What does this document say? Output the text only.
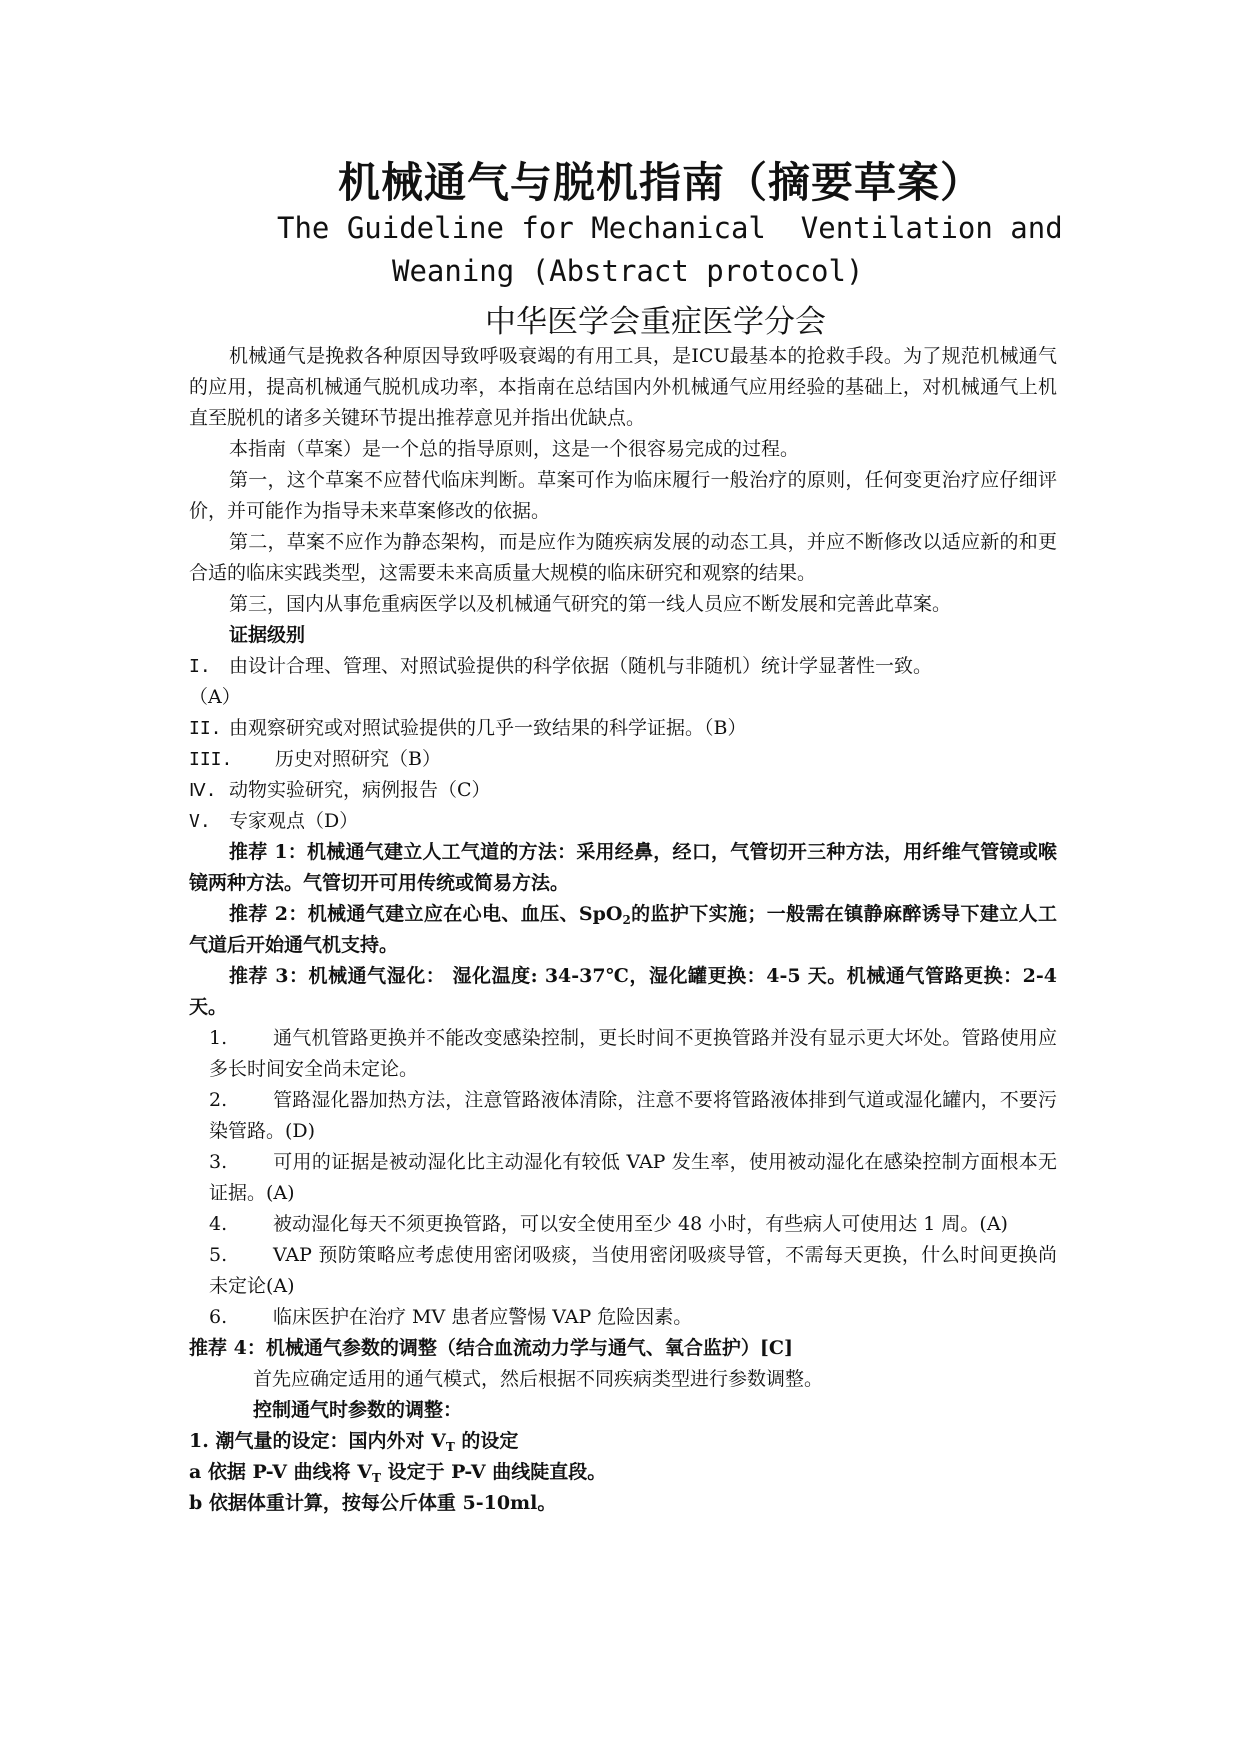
机械通气与脱机指南（摘要草案）
The Guideline for Mechanical  Ventilation and
Weaning (Abstract protocol)
中华医学会重症医学分会

机械通气是挽救各种原因导致呼吸衰竭的有用工具，是ICU最基本的抢救手段。为了规范机械通气的应用，提高机械通气脱机成功率，本指南在总结国内外机械通气应用经验的基础上，对机械通气上机直至脱机的诸多关键环节提出推荐意见并指出优缺点。

本指南（草案）是一个总的指导原则，这是一个很容易完成的过程。

第一，这个草案不应替代临床判断。草案可作为临床履行一般治疗的原则，任何变更治疗应仔细评价，并可能作为指导未来草案修改的依据。

第二，草案不应作为静态架构，而是应作为随疾病发展的动态工具，并应不断修改以适应新的和更合适的临床实践类型，这需要未来高质量大规模的临床研究和观察的结果。

第三，国内从事危重病医学以及机械通气研究的第一线人员应不断发展和完善此草案。

证据级别

I. 由设计合理、管理、对照试验提供的科学依据（随机与非随机）统计学显著性一致。

（A）

II. 由观察研究或对照试验提供的几乎一致结果的科学证据。（B）

III. 历史对照研究（B）

Ⅳ. 动物实验研究，病例报告（C）

V. 专家观点（D）

推荐 1：机械通气建立人工气道的方法：采用经鼻，经口，气管切开三种方法，用纤维气管镜或喉镜两种方法。气管切开可用传统或简易方法。

推荐 2：机械通气建立应在心电、血压、SpO$_2$的监护下实施；一般需在镇静麻醉诱导下建立人工气道后开始通气机支持。

推荐 3：机械通气湿化： 湿化温度: 34-37℃，湿化罐更换：4-5 天。机械通气管路更换：2-4 天。

1. 通气机管路更换并不能改变感染控制，更长时间不更换管路并没有显示更大坏处。管路使用应多长时间安全尚未定论。

2. 管路湿化器加热方法，注意管路液体清除，注意不要将管路液体排到气道或湿化罐内，不要污染管路。(D)

3. 可用的证据是被动湿化比主动湿化有较低 VAP 发生率，使用被动湿化在感染控制方面根本无证据。(A)

4. 被动湿化每天不须更换管路，可以安全使用至少 48 小时，有些病人可使用达 1 周。(A)

5. VAP 预防策略应考虑使用密闭吸痰，当使用密闭吸痰导管，不需每天更换，什么时间更换尚未定论(A)

6. 临床医护在治疗 MV 患者应警惕 VAP 危险因素。

推荐 4：机械通气参数的调整（结合血流动力学与通气、氧合监护）[C]

首先应确定适用的通气模式，然后根据不同疾病类型进行参数调整。

控制通气时参数的调整：

1. 潮气量的设定：国内外对 $V_T$ 的设定

a 依据 P-V 曲线将 $V_T$ 设定于 P-V 曲线陡直段。

b 依据体重计算，按每公斤体重 5-10ml。
